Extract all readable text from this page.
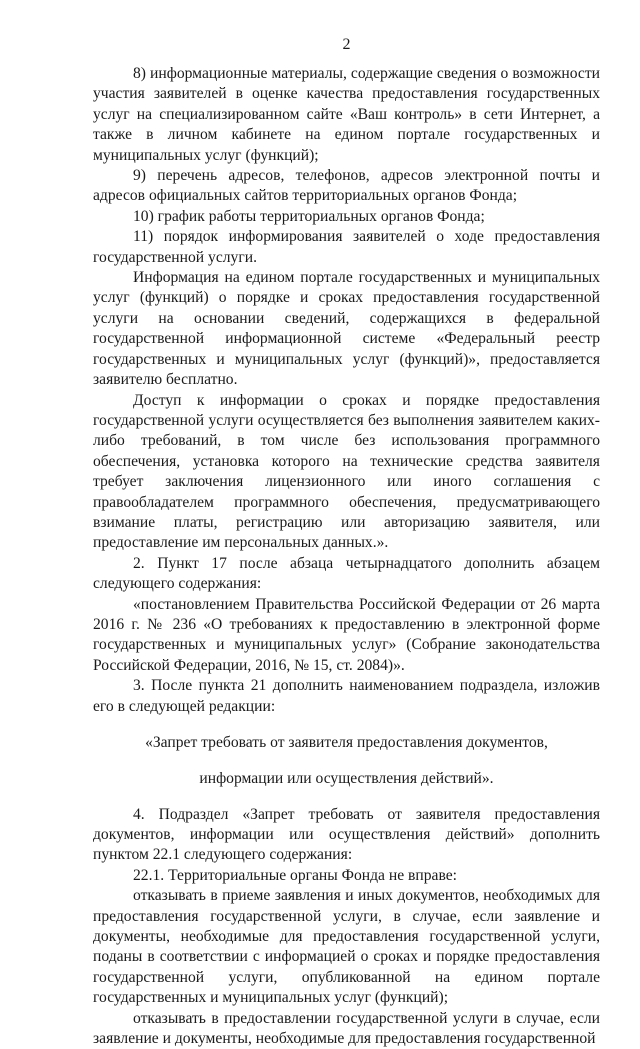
2

8) информационные материалы, содержащие сведения о возможности участия заявителей в оценке качества предоставления государственных услуг на специализированном сайте «Ваш контроль» в сети Интернет, а также в личном кабинете на едином портале государственных и муниципальных услуг (функций);

9) перечень адресов, телефонов, адресов электронной почты и адресов официальных сайтов территориальных органов Фонда;

10) график работы территориальных органов Фонда;

11) порядок информирования заявителей о ходе предоставления государственной услуги.

Информация на едином портале государственных и муниципальных услуг (функций) о порядке и сроках предоставления государственной услуги на основании сведений, содержащихся в федеральной государственной информационной системе «Федеральный реестр государственных и муниципальных услуг (функций)», предоставляется заявителю бесплатно.

Доступ к информации о сроках и порядке предоставления государственной услуги осуществляется без выполнения заявителем каких-либо требований, в том числе без использования программного обеспечения, установка которого на технические средства заявителя требует заключения лицензионного или иного соглашения с правообладателем программного обеспечения, предусматривающего взимание платы, регистрацию или авторизацию заявителя, или предоставление им персональных данных.».

2. Пункт 17 после абзаца четырнадцатого дополнить абзацем следующего содержания:

«постановлением Правительства Российской Федерации от 26 марта 2016 г. № 236 «О требованиях к предоставлению в электронной форме государственных и муниципальных услуг» (Собрание законодательства Российской Федерации, 2016, № 15, ст. 2084)».

3. После пункта 21 дополнить наименованием подраздела, изложив его в следующей редакции:

«Запрет требовать от заявителя предоставления документов,

информации или осуществления действий».

4. Подраздел «Запрет требовать от заявителя предоставления документов, информации или осуществления действий» дополнить пунктом 22.1 следующего содержания:

22.1. Территориальные органы Фонда не вправе:

отказывать в приеме заявления и иных документов, необходимых для предоставления государственной услуги, в случае, если заявление и документы, необходимые для предоставления государственной услуги, поданы в соответствии с информацией о сроках и порядке предоставления государственной услуги, опубликованной на едином портале государственных и муниципальных услуг (функций);

отказывать в предоставлении государственной услуги в случае, если заявление и документы, необходимые для предоставления государственной
